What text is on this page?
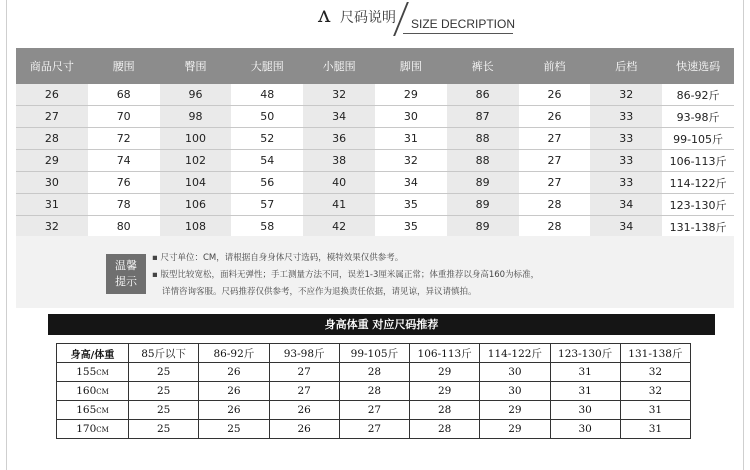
ʌ 尺码说明 SIZE DECRIPTION
商品尺寸	腰围	臀围	大腿围	小腿围	脚围	裤长	前档	后档	快速选码
26	68	96	48	32	29	86	26	32	86-92斤
27	70	98	50	34	30	87	26	33	93-98斤
28	72	100	52	36	31	88	27	33	99-105斤
29	74	102	54	38	32	88	27	33	106-113斤
30	76	104	56	40	34	89	27	33	114-122斤
31	78	106	57	41	35	89	28	34	123-130斤
32	80	108	58	42	35	89	28	34	131-138斤
温馨
提示
▪ 尺寸单位：CM，请根据自身身体尺寸选码，模特效果仅供参考。
▪ 版型比较宽松，面料无弹性；手工测量方法不同，误差1-3厘米属正常；体重推荐以身高160为标准，
详情咨询客服。尺码推荐仅供参考，不应作为退换责任依据，请见谅，异议请慎拍。
身高体重 对应尺码推荐
身高/体重	85斤以下	86-92斤	93-98斤	99-105斤	106-113斤	114-122斤	123-130斤	131-138斤
155CM	25	26	27	28	29	30	31	32
160CM	25	26	27	28	29	30	31	32
165CM	25	26	26	27	28	29	30	31
170CM	25	25	26	27	28	29	30	31
